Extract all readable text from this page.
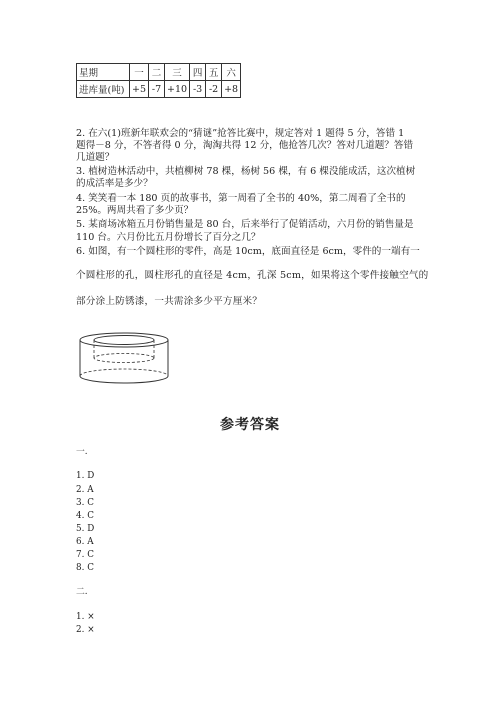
星期	一	二	三	四	五	六
进库量(吨)	+5	-7	+10	-3	-2	+8
2. 在六(1)班新年联欢会的“猜谜”抢答比赛中，规定答对 1 题得 5 分，答错 1
题得－8 分，不答者得 0 分，淘淘共得 12 分，他抢答几次？答对几道题？答错
几道题？
3. 植树造林活动中，共植柳树 78 棵，杨树 56 棵，有 6 棵没能成活，这次植树
的成活率是多少？
4. 笑笑看一本 180 页的故事书，第一周看了全书的 40%，第二周看了全书的
25%。两周共看了多少页？
5. 某商场冰箱五月份销售量是 80 台，后来举行了促销活动，六月份的销售量是
110 台。六月份比五月份增长了百分之几？
6. 如图，有一个圆柱形的零件，高是 10cm，底面直径是 6cm，零件的一端有一
个圆柱形的孔，圆柱形孔的直径是 4cm，孔深 5cm，如果将这个零件接触空气的
部分涂上防锈漆，一共需涂多少平方厘米？
参考答案
一.
1. D
2. A
3. C
4. C
5. D
6. A
7. C
8. C
二.
1. ×
2. ×
